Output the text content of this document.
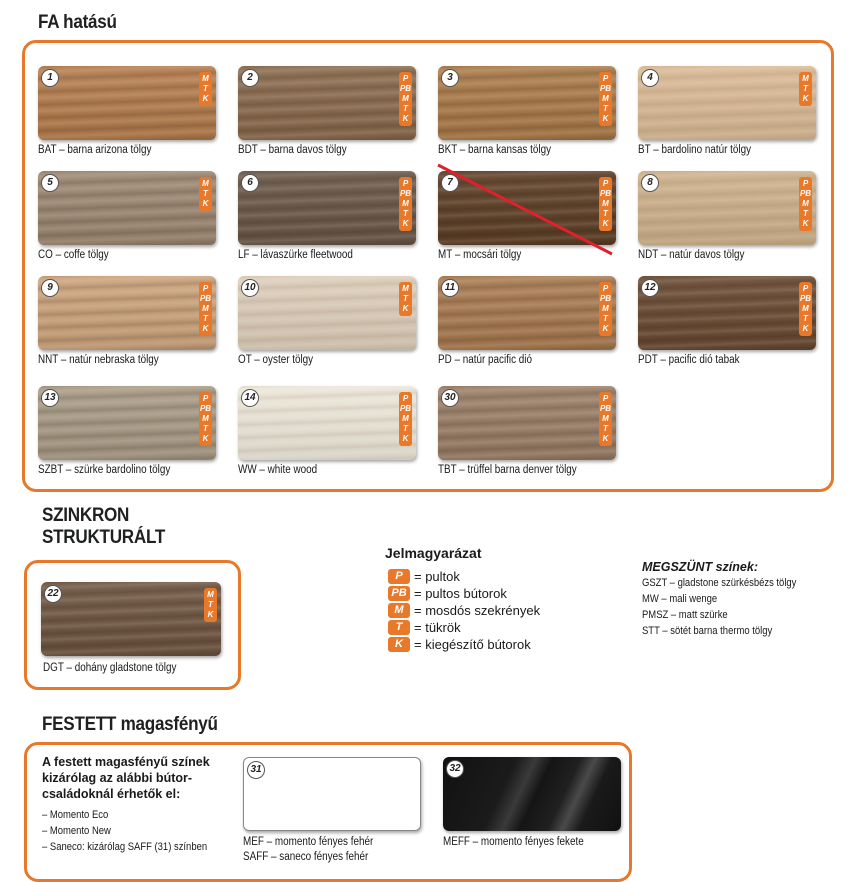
FA hatású
SZINKRON
STRUKTURÁLT
FESTETT magasfényű
1	M
T
K
BAT – barna arizona tölgy
2	P
PB
M
T
K
BDT – barna davos tölgy
3	P
PB
M
T
K
BKT – barna kansas tölgy
4	M
T
K
BT – bardolino natúr tölgy
5	M
T
K
CO – coffe tölgy
6	P
PB
M
T
K
LF – lávaszürke fleetwood
7	P
PB
M
T
K
MT – mocsári tölgy
8	P
PB
M
T
K
NDT – natúr davos tölgy
9	P
PB
M
T
K
NNT – natúr nebraska tölgy
10	M
T
K
OT – oyster tölgy
11	P
PB
M
T
K
PD – natúr pacific dió
12	P
PB
M
T
K
PDT – pacific dió tabak
13	P
PB
M
T
K
SZBT – szürke bardolino tölgy
14	P
PB
M
T
K
WW – white wood
30	P
PB
M
T
K
TBT – trüffel barna denver tölgy
22	M
T
K
DGT – dohány gladstone tölgy
Jelmagyarázat
P = pultok
PB = pultos bútorok
M = mosdós szekrények
T = tükrök
K = kiegészítő bútorok
MEGSZÜNT színek:
GSZT – gladstone szürkésbézs tölgy
MW – mali wenge
PMSZ – matt szürke
STT – sötét barna thermo tölgy
A festett magasfényű színek
kizárólag az alábbi bútor-
családoknál érhetők el:
– Momento Eco
– Momento New
– Saneco: kizárólag SAFF (31) színben
31
MEF – momento fényes fehér
SAFF – saneco fényes fehér
32
MEFF – momento fényes fekete
